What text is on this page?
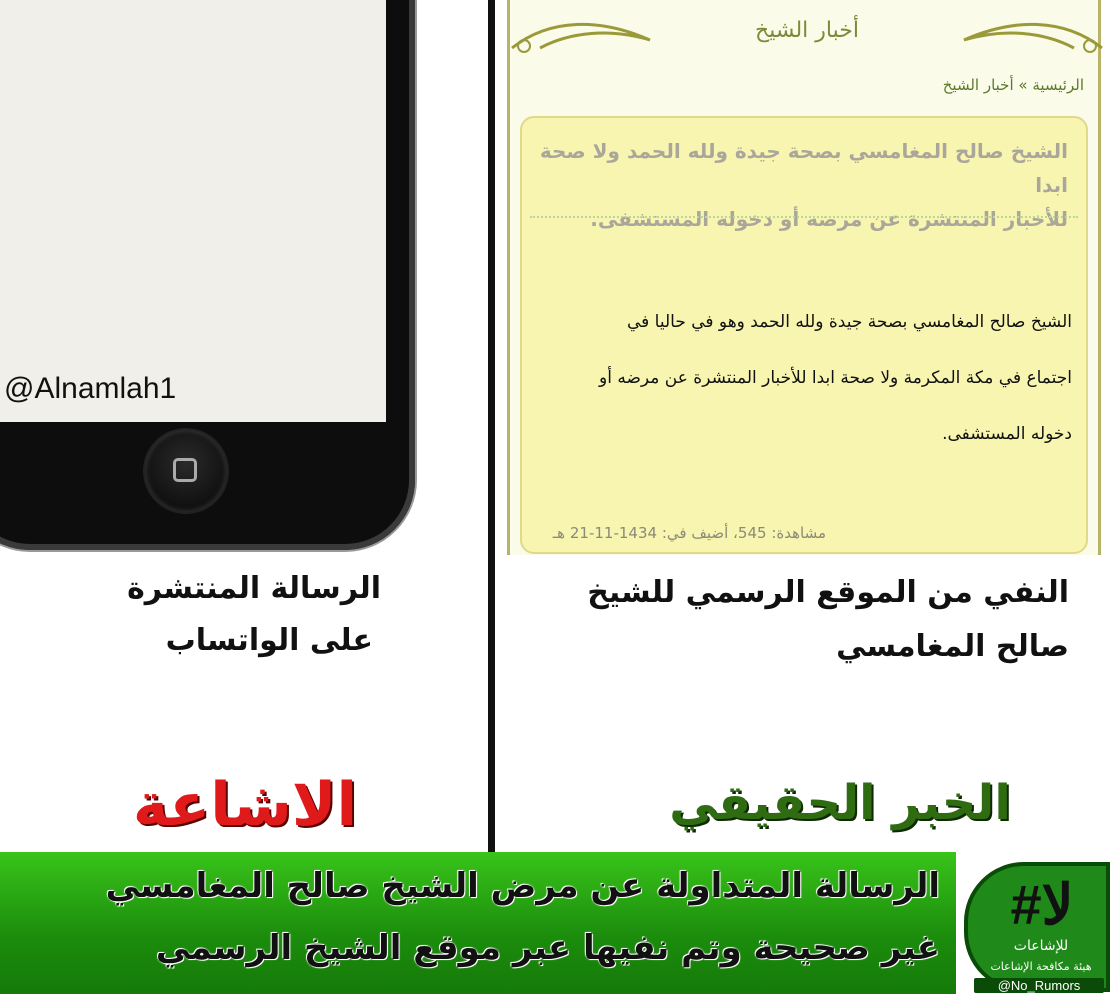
@Alnamlah1
الرسالة المنتشرة
على الواتساب
الاشاعة
أخبار الشيخ
الرئيسية » أخبار الشيخ
الشيخ صالح المغامسي بصحة جيدة ولله الحمد ولا صحة ابدا
للأخبار المنتشرة عن مرضه أو دخوله المستشفى.
الشيخ صالح المغامسي بصحة جيدة ولله الحمد وهو في حاليا في
اجتماع في مكة المكرمة ولا صحة ابدا للأخبار المنتشرة عن مرضه أو
دخوله المستشفى.
مشاهدة: 545، أضيف في: 1434-11-21 هـ
النفي من الموقع الرسمي للشيخ
صالح المغامسي
الخبر الحقيقي
الرسالة المتداولة عن مرض الشيخ صالح المغامسي
غير صحيحة وتم نفيها عبر موقع الشيخ الرسمي
#لا
للإشاعات
هيئة مكافحة الإشاعات
@No_Rumors
